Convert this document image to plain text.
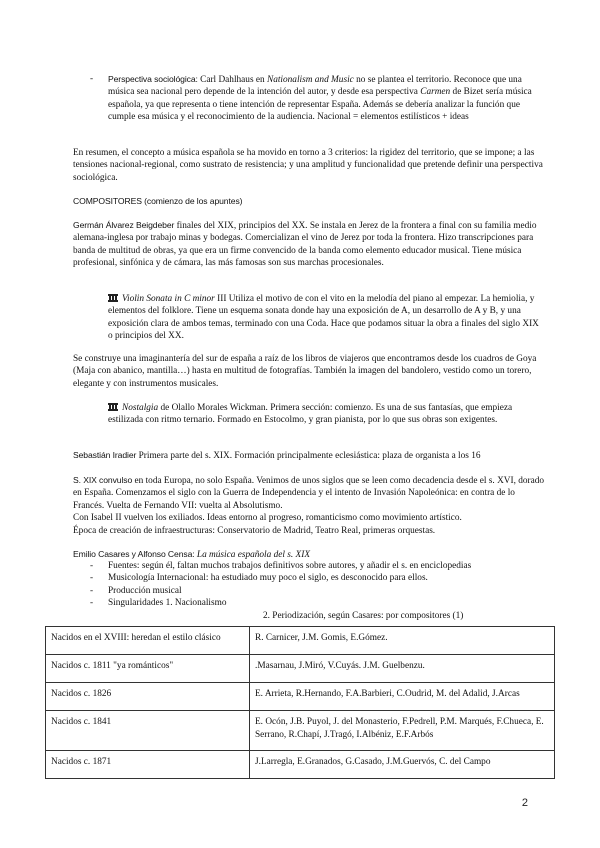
-	Perspectiva sociológica: Carl Dahlhaus en Nationalism and Music no se plantea el territorio. Reconoce que una música sea nacional pero depende de la intención del autor, y desde esa perspectiva Carmen de Bizet sería música española, ya que representa o tiene intención de representar España. Además se debería analizar la función que cumple esa música y el reconocimiento de la audiencia. Nacional = elementos estilísticos + ideas

En resumen, el concepto a música española se ha movido en torno a 3 criterios: la rigidez del territorio, que se impone; a las tensiones nacional-regional, como sustrato de resistencia; y una amplitud y funcionalidad que pretende definir una perspectiva sociológica.

COMPOSITORES (comienzo de los apuntes)

Germán Álvarez Beigdeber finales del XIX, principios del XX. Se instala en Jerez de la frontera a final con su familia medio alemana-inglesa por trabajo minas y bodegas. Comercializan el vino de Jerez por toda la frontera. Hizo transcripciones para banda de multitud de obras, ya que era un firme convencido de la banda como elemento educador musical. Tiene música profesional, sinfónica y de cámara, las más famosas son sus marchas procesionales.

Violin Sonata in C minor III Utiliza el motivo de con el vito en la melodía del piano al empezar. La hemiolia, y elementos del folklore. Tiene un esquema sonata donde hay una exposición de A, un desarrollo de A y B, y una exposición clara de ambos temas, terminado con una Coda. Hace que podamos situar la obra a finales del siglo XIX o principios del XX.

Se construye una imaginantería del sur de españa a raíz de los libros de viajeros que encontramos desde los cuadros de Goya (Maja con abanico, mantilla…) hasta en multitud de fotografías. También la imagen del bandolero, vestido como un torero, elegante y con instrumentos musicales.

Nostalgia de Olallo Morales Wickman. Primera sección: comienzo. Es una de sus fantasías, que empieza estilizada con ritmo ternario. Formado en Estocolmo, y gran pianista, por lo que sus obras son exigentes.

Sebastián Iradier Primera parte del s. XIX. Formación principalmente eclesiástica: plaza de organista a los 16

S. XIX convulso en toda Europa, no solo España. Venimos de unos siglos que se leen como decadencia desde el s. XVI, dorado en España. Comenzamos el siglo con la Guerra de Independencia y el intento de Invasión Napoleónica: en contra de lo Francés. Vuelta de Fernando VII: vuelta al Absolutismo.

Con Isabel II vuelven los exiliados. Ideas entorno al progreso, romanticismo como movimiento artístico.

Época de creación de infraestructuras: Conservatorio de Madrid, Teatro Real, primeras orquestas.

Emilio Casares y Alfonso Censa: La música española del s. XIX

-	Fuentes: según él, faltan muchos trabajos definitivos sobre autores, y añadir el s. en enciclopedias
-	Musicología Internacional: ha estudiado muy poco el siglo, es desconocido para ellos.
-	Producción musical
-	Singularidades 1. Nacionalismo
2. Periodización, según Casares: por compositores (1)
Nacidos en el XVIII: heredan el estilo clásico	R. Carnicer, J.M. Gomis, E.Gómez.
Nacidos c. 1811 "ya románticos"	.Masarnau, J.Miró, V.Cuyás. J.M. Guelbenzu.
Nacidos c. 1826	E. Arrieta, R.Hernando, F.A.Barbieri, C.Oudrid, M. del Adalid, J.Arcas
Nacidos c. 1841	E. Ocón, J.B. Puyol, J. del Monasterio, F.Pedrell, P.M. Marqués, F.Chueca, E. Serrano, R.Chapí, J.Tragó, I.Albéniz, E.F.Arbós
Nacidos c. 1871	J.Larregla, E.Granados, G.Casado, J.M.Guervós, C. del Campo
2
